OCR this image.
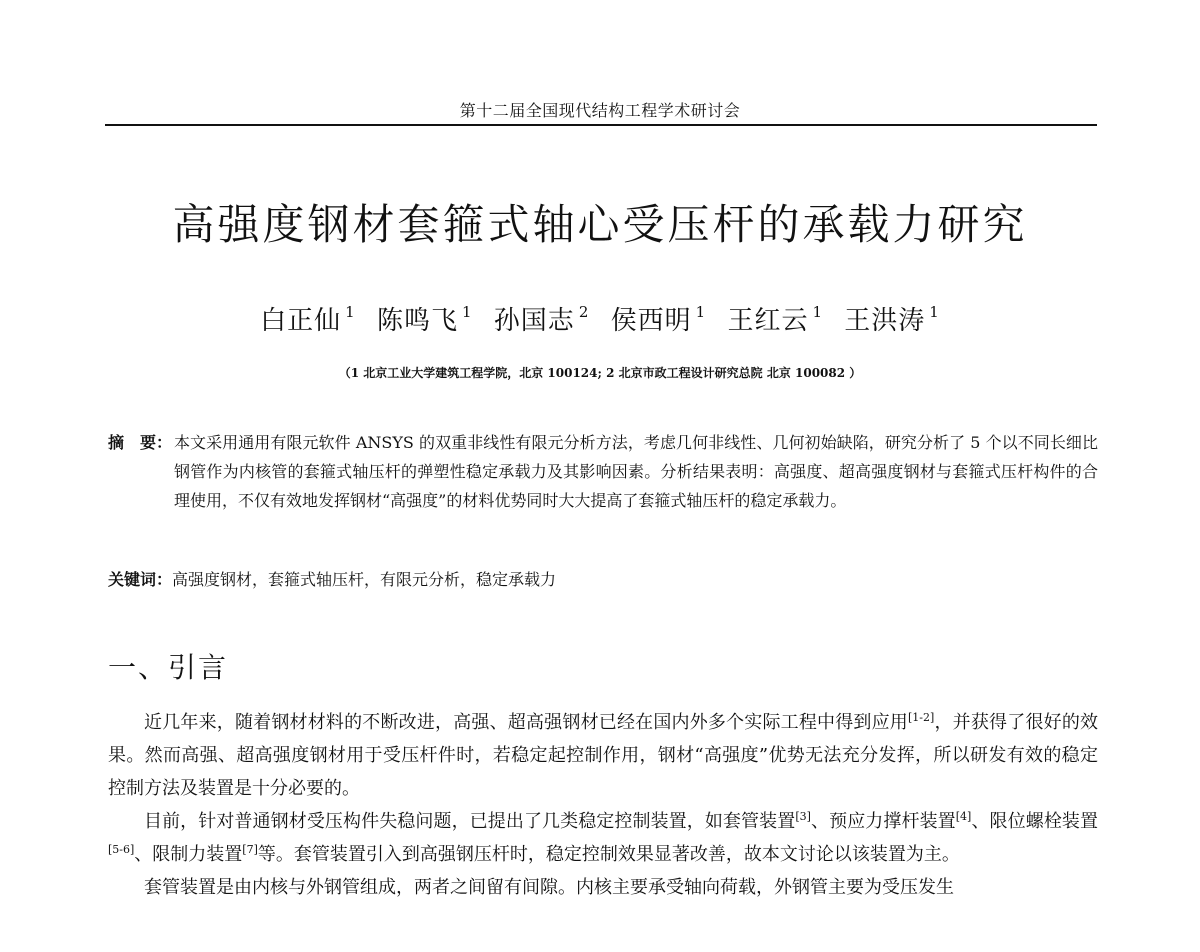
第十二届全国现代结构工程学术研讨会
高强度钢材套箍式轴心受压杆的承载力研究
白正仙 $^1$ 陈鸣飞 $^1$ 孙国志 $^2$ 侯西明 $^1$ 王红云 $^1$ 王洪涛 $^1$
（1 北京工业大学建筑工程学院，北京 100124; 2 北京市政工程设计研究总院 北京 100082 ）
摘　要： 本文采用通用有限元软件 ANSYS 的双重非线性有限元分析方法，考虑几何非线性、几何初始缺陷，研究分析了 5 个以不同长细比钢管作为内核管的套箍式轴压杆的弹塑性稳定承载力及其影响因素。分析结果表明：高强度、超高强度钢材与套箍式压杆构件的合理使用，不仅有效地发挥钢材“高强度”的材料优势同时大大提高了套箍式轴压杆的稳定承载力。
关键词：高强度钢材，套箍式轴压杆，有限元分析，稳定承载力
一、引言

近几年来，随着钢材材料的不断改进，高强、超高强钢材已经在国内外多个实际工程中得到应用[1-2]，并获得了很好的效果。然而高强、超高强度钢材用于受压杆件时，若稳定起控制作用，钢材“高强度”优势无法充分发挥，所以研发有效的稳定控制方法及装置是十分必要的。

目前，针对普通钢材受压构件失稳问题，已提出了几类稳定控制装置，如套管装置[3]、预应力撑杆装置[4]、限位螺栓装置[5-6]、限制力装置[7]等。套管装置引入到高强钢压杆时，稳定控制效果显著改善，故本文讨论以该装置为主。

套管装置是由内核与外钢管组成，两者之间留有间隙。内核主要承受轴向荷载，外钢管主要为受压发生
